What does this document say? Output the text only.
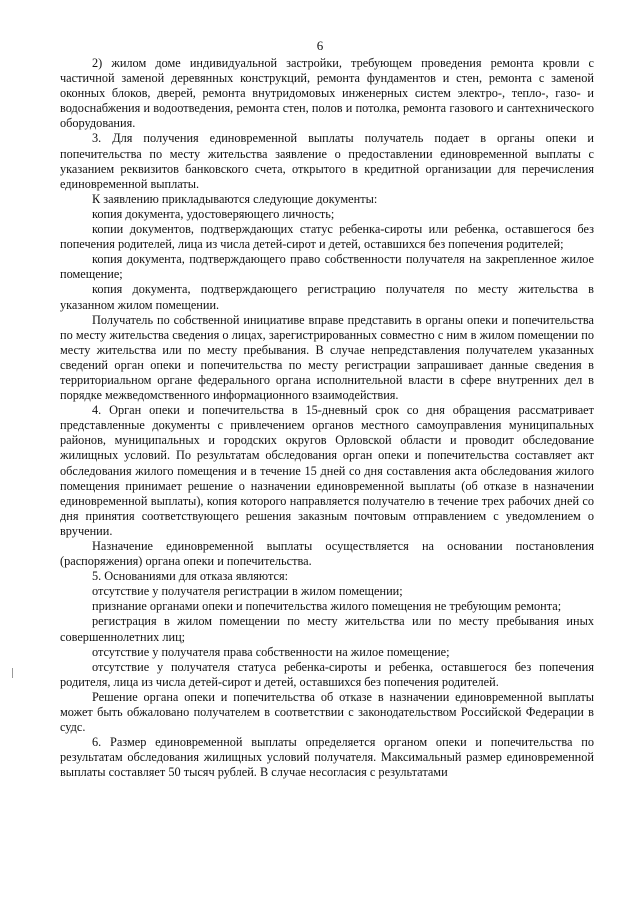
6

2) жилом доме индивидуальной застройки, требующем проведения ремонта кровли с частичной заменой деревянных конструкций, ремонта фундаментов и стен, ремонта с заменой оконных блоков, дверей, ремонта внутридомовых инженерных систем электро-, тепло-, газо- и водоснабжения и водоотведения, ремонта стен, полов и потолка, ремонта газового и сантехнического оборудования.

3. Для получения единовременной выплаты получатель подает в органы опеки и попечительства по месту жительства заявление о предоставлении единовременной выплаты с указанием реквизитов банковского счета, открытого в кредитной организации для перечисления единовременной выплаты.

К заявлению прикладываются следующие документы:

копия документа, удостоверяющего личность;

копии документов, подтверждающих статус ребенка-сироты или ребенка, оставшегося без попечения родителей, лица из числа детей-сирот и детей, оставшихся без попечения родителей;

копия документа, подтверждающего право собственности получателя на закрепленное жилое помещение;

копия документа, подтверждающего регистрацию получателя по месту жительства в указанном жилом помещении.

Получатель по собственной инициативе вправе представить в органы опеки и попечительства по месту жительства сведения о лицах, зарегистрированных совместно с ним в жилом помещении по месту жительства или по месту пребывания. В случае непредставления получателем указанных сведений орган опеки и попечительства по месту регистрации запрашивает данные сведения в территориальном органе федерального органа исполнительной власти в сфере внутренних дел в порядке межведомственного информационного взаимодействия.

4. Орган опеки и попечительства в 15-дневный срок со дня обращения рассматривает представленные документы с привлечением органов местного самоуправления муниципальных районов, муниципальных и городских округов Орловской области и проводит обследование жилищных условий. По результатам обследования орган опеки и попечительства составляет акт обследования жилого помещения и в течение 15 дней со дня составления акта обследования жилого помещения принимает решение о назначении единовременной выплаты (об отказе в назначении единовременной выплаты), копия которого направляется получателю в течение трех рабочих дней со дня принятия соответствующего решения заказным почтовым отправлением с уведомлением о вручении.

Назначение единовременной выплаты осуществляется на основании постановления (распоряжения) органа опеки и попечительства.

5. Основаниями для отказа являются:

отсутствие у получателя регистрации в жилом помещении;

признание органами опеки и попечительства жилого помещения не требующим ремонта;

регистрация в жилом помещении по месту жительства или по месту пребывания иных совершеннолетних лиц;

отсутствие у получателя права собственности на жилое помещение;

отсутствие у получателя статуса ребенка-сироты и ребенка, оставшегося без попечения родителя, лица из числа детей-сирот и детей, оставшихся без попечения родителей.

Решение органа опеки и попечительства об отказе в назначении единовременной выплаты может быть обжаловано получателем в соответствии с законодательством Российской Федерации в судс.

6. Размер единовременной выплаты определяется органом опеки и попечительства по результатам обследования жилищных условий получателя. Максимальный размер единовременной выплаты составляет 50 тысяч рублей. В случае несогласия с результатами
